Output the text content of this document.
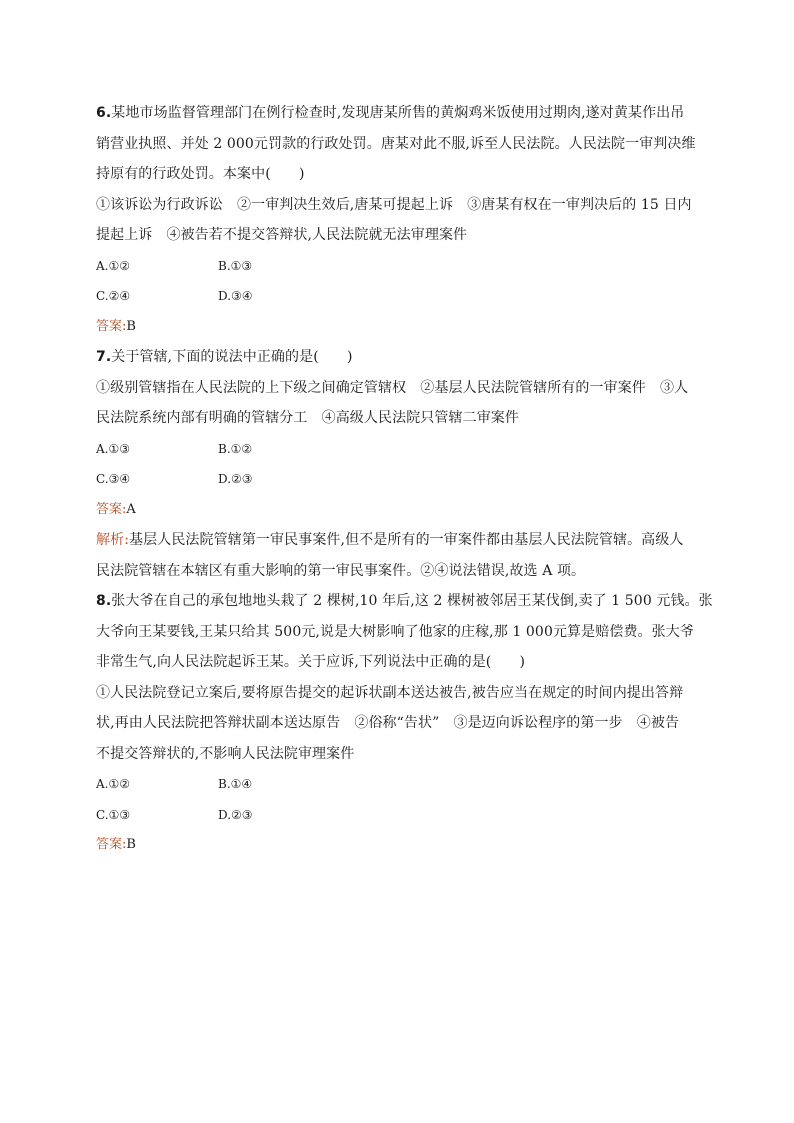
6.某地市场监督管理部门在例行检查时,发现唐某所售的黄焖鸡米饭使用过期肉,遂对黄某作出吊
销营业执照、并处 2 000元罚款的行政处罚。唐某对此不服,诉至人民法院。人民法院一审判决维
持原有的行政处罚。本案中(　　)
①该诉讼为行政诉讼　②一审判决生效后,唐某可提起上诉　③唐某有权在一审判决后的 15 日内
提起上诉　④被告若不提交答辩状,人民法院就无法审理案件
A.①②	B.①③
C.②④	D.③④
答案:B
7.关于管辖,下面的说法中正确的是(　　)
①级别管辖指在人民法院的上下级之间确定管辖权　②基层人民法院管辖所有的一审案件　③人
民法院系统内部有明确的管辖分工　④高级人民法院只管辖二审案件
A.①③	B.①②
C.③④	D.②③
答案:A
解析:基层人民法院管辖第一审民事案件,但不是所有的一审案件都由基层人民法院管辖。高级人
民法院管辖在本辖区有重大影响的第一审民事案件。②④说法错误,故选 A 项。
8.张大爷在自己的承包地地头栽了 2 棵树,10 年后,这 2 棵树被邻居王某伐倒,卖了 1 500 元钱。张
大爷向王某要钱,王某只给其 500元,说是大树影响了他家的庄稼,那 1 000元算是赔偿费。张大爷
非常生气,向人民法院起诉王某。关于应诉,下列说法中正确的是(　　)
①人民法院登记立案后,要将原告提交的起诉状副本送达被告,被告应当在规定的时间内提出答辩
状,再由人民法院把答辩状副本送达原告　②俗称“告状”　③是迈向诉讼程序的第一步　④被告
不提交答辩状的,不影响人民法院审理案件
A.①②	B.①④
C.①③	D.②③
答案:B
